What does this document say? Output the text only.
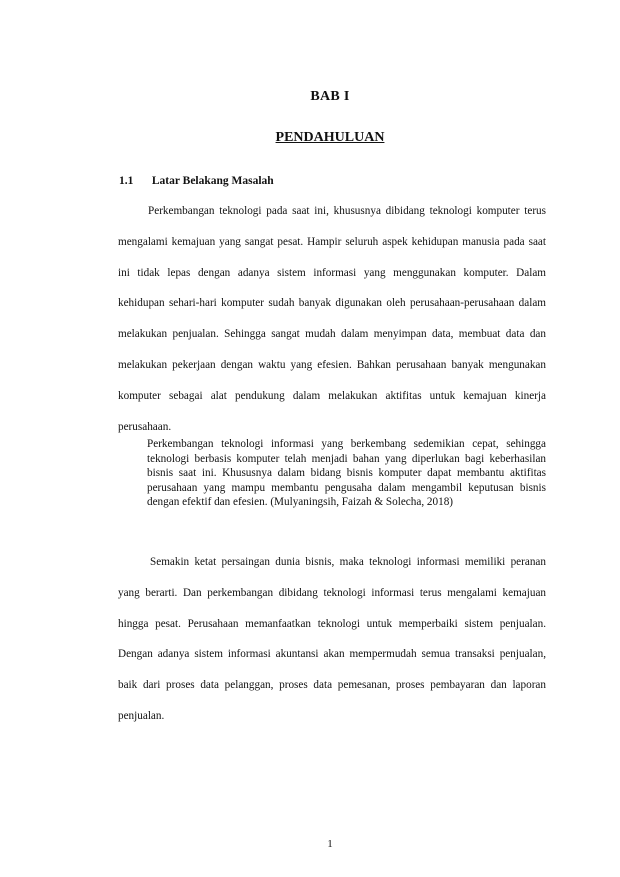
BAB I
PENDAHULUAN
1.1 Latar Belakang Masalah

Perkembangan teknologi pada saat ini, khususnya dibidang teknologi komputer terus mengalami kemajuan yang sangat pesat. Hampir seluruh aspek kehidupan manusia pada saat ini tidak lepas dengan adanya sistem informasi yang menggunakan komputer. Dalam kehidupan sehari-hari komputer sudah banyak digunakan oleh perusahaan-perusahaan dalam melakukan penjualan. Sehingga sangat mudah dalam menyimpan data, membuat data dan melakukan pekerjaan dengan waktu yang efesien. Bahkan perusahaan banyak mengunakan komputer sebagai alat pendukung dalam melakukan aktifitas untuk kemajuan kinerja perusahaan.

Perkembangan teknologi informasi yang berkembang sedemikian cepat, sehingga teknologi berbasis komputer telah menjadi bahan yang diperlukan bagi keberhasilan bisnis saat ini. Khususnya dalam bidang bisnis komputer dapat membantu aktifitas perusahaan yang mampu membantu pengusaha dalam mengambil keputusan bisnis dengan efektif dan efesien. (Mulyaningsih, Faizah & Solecha, 2018)

Semakin ketat persaingan dunia bisnis, maka teknologi informasi memiliki peranan yang berarti. Dan perkembangan dibidang teknologi informasi terus mengalami kemajuan hingga pesat. Perusahaan memanfaatkan teknologi untuk memperbaiki sistem penjualan. Dengan adanya sistem informasi akuntansi akan mempermudah semua transaksi penjualan, baik dari proses data pelanggan, proses data pemesanan, proses pembayaran dan laporan penjualan.

1
